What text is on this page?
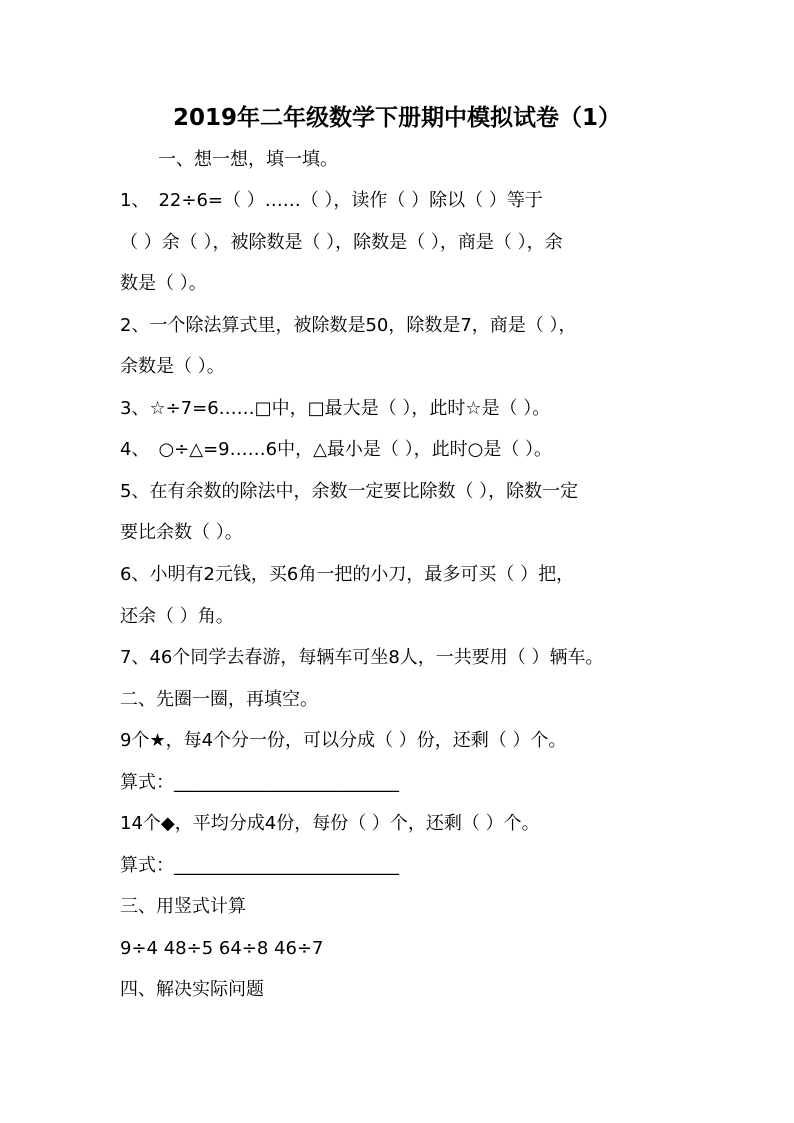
2019年二年级数学下册期中模拟试卷（1）
一、想一想，填一填。
1、　22÷6=（ ）……（ ），读作（ ）除以（ ）等于
（ ）余（ ），被除数是（ ），除数是（ ），商是（ ），余
数是（ ）。
2、一个除法算式里，被除数是50，除数是7，商是（ ），
余数是（ ）。
3、☆÷7=6……□中，□最大是（ ），此时☆是（ ）。
4、　○÷△=9……6中，△最小是（ ），此时○是（ ）。
5、在有余数的除法中，余数一定要比除数（ ），除数一定
要比余数（ ）。
6、小明有2元钱，买6角一把的小刀，最多可买（ ）把，
还余（ ）角。
7、46个同学去春游，每辆车可坐8人，一共要用（ ）辆车。
二、先圈一圈，再填空。
9个★，每4个分一份，可以分成（ ）份，还剩（ ）个。
算式：_________________________
14个◆，平均分成4份，每份（ ）个，还剩（ ）个。
算式：_________________________
三、用竖式计算
9÷4 48÷5 64÷8 46÷7
四、解决实际问题
